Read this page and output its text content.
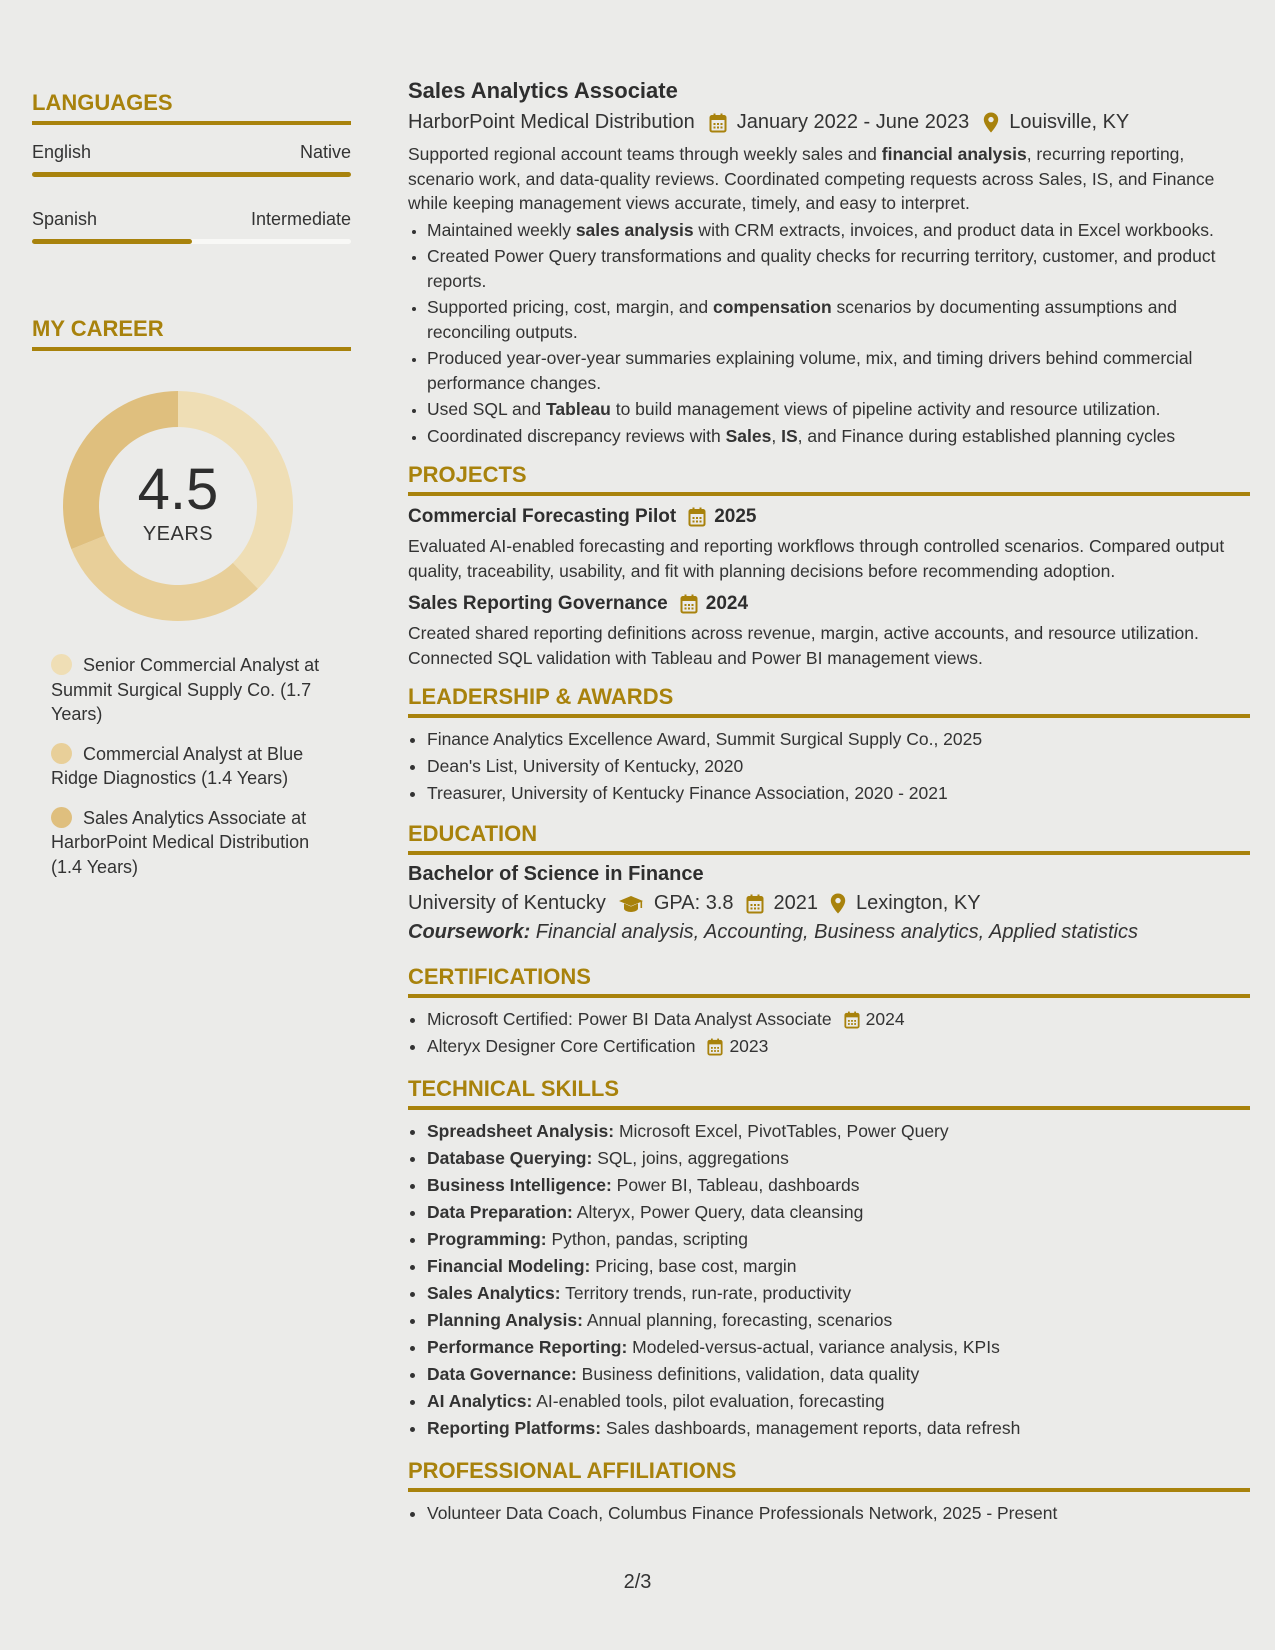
LANGUAGES
English	Native
Spanish	Intermediate
MY CAREER
4.5
YEARS
Senior Commercial Analyst at Summit Surgical Supply Co. (1.7 Years)
Commercial Analyst at Blue Ridge Diagnostics (1.4 Years)
Sales Analytics Associate at HarborPoint Medical Distribution (1.4 Years)
Sales Analytics Associate
HarborPoint Medical Distribution January 2022 - June 2023 Louisville, KY

Supported regional account teams through weekly sales and financial analysis, recurring reporting, scenario work, and data-quality reviews. Coordinated competing requests across Sales, IS, and Finance while keeping management views accurate, timely, and easy to interpret.

• Maintained weekly sales analysis with CRM extracts, invoices, and product data in Excel workbooks.
• Created Power Query transformations and quality checks for recurring territory, customer, and product reports.
• Supported pricing, cost, margin, and compensation scenarios by documenting assumptions and reconciling outputs.
• Produced year-over-year summaries explaining volume, mix, and timing drivers behind commercial performance changes.
• Used SQL and Tableau to build management views of pipeline activity and resource utilization.
• Coordinated discrepancy reviews with Sales, IS, and Finance during established planning cycles
PROJECTS
Commercial Forecasting Pilot 2025
Evaluated AI-enabled forecasting and reporting workflows through controlled scenarios. Compared output quality, traceability, usability, and fit with planning decisions before recommending adoption.
Sales Reporting Governance 2024
Created shared reporting definitions across revenue, margin, active accounts, and resource utilization. Connected SQL validation with Tableau and Power BI management views.
LEADERSHIP & AWARDS
• Finance Analytics Excellence Award, Summit Surgical Supply Co., 2025
• Dean's List, University of Kentucky, 2020
• Treasurer, University of Kentucky Finance Association, 2020 - 2021
EDUCATION
Bachelor of Science in Finance
University of Kentucky GPA: 3.8 2021 Lexington, KY
Coursework: Financial analysis, Accounting, Business analytics, Applied statistics
CERTIFICATIONS
• Microsoft Certified: Power BI Data Analyst Associate 2024
• Alteryx Designer Core Certification 2023
TECHNICAL SKILLS
• Spreadsheet Analysis: Microsoft Excel, PivotTables, Power Query
• Database Querying: SQL, joins, aggregations
• Business Intelligence: Power BI, Tableau, dashboards
• Data Preparation: Alteryx, Power Query, data cleansing
• Programming: Python, pandas, scripting
• Financial Modeling: Pricing, base cost, margin
• Sales Analytics: Territory trends, run-rate, productivity
• Planning Analysis: Annual planning, forecasting, scenarios
• Performance Reporting: Modeled-versus-actual, variance analysis, KPIs
• Data Governance: Business definitions, validation, data quality
• AI Analytics: AI-enabled tools, pilot evaluation, forecasting
• Reporting Platforms: Sales dashboards, management reports, data refresh
PROFESSIONAL AFFILIATIONS
• Volunteer Data Coach, Columbus Finance Professionals Network, 2025 - Present
2/3
